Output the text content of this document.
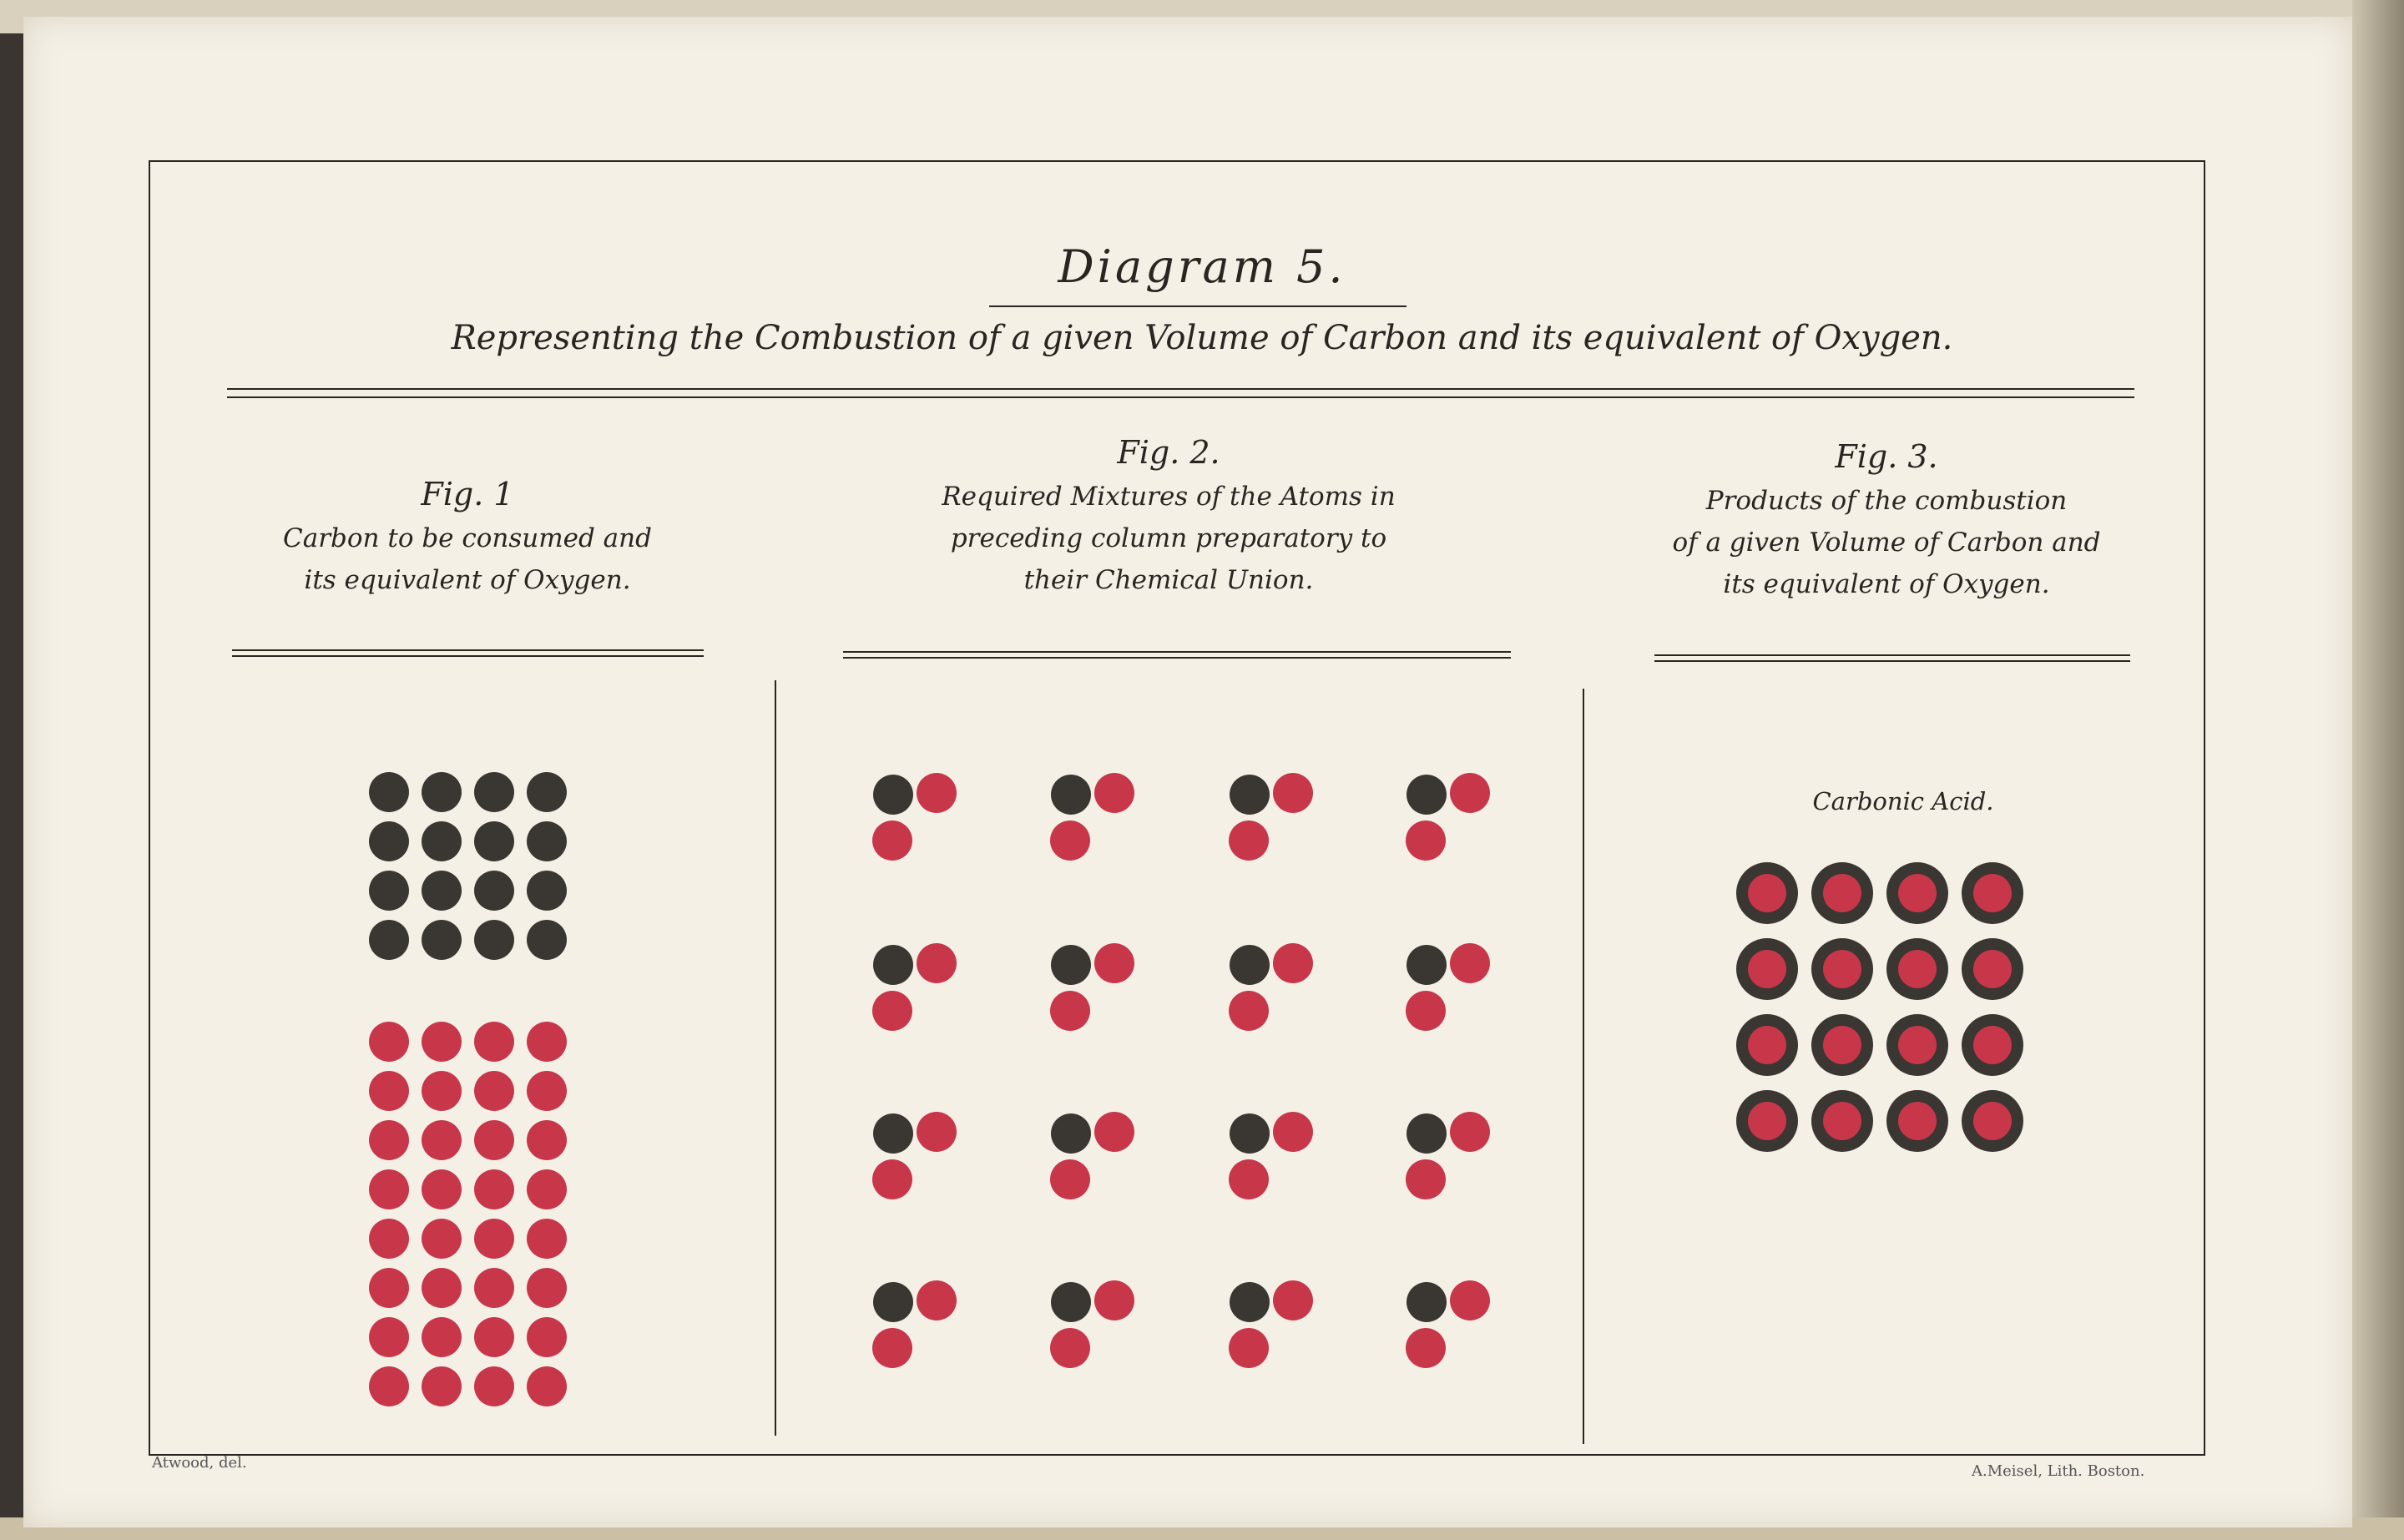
Diagram 5.
Representing the Combustion of a given Volume of Carbon and its equivalent of Oxygen.
Fig. 1
Carbon to be consumed and
its equivalent of Oxygen.
Fig. 2.
Required Mixtures of the Atoms in
preceding column preparatory to
their Chemical Union.
Fig. 3.
Products of the combustion
of a given Volume of Carbon and
its equivalent of Oxygen.
Carbonic Acid.
Atwood, del.	A.Meisel, Lith. Boston.
